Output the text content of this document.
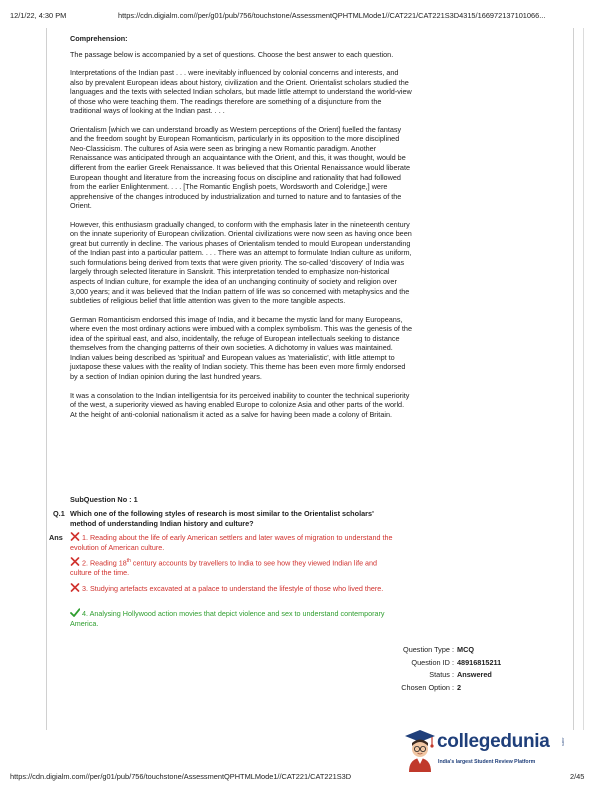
12/1/22, 4:30 PM	https://cdn.digialm.com//per/g01/pub/756/touchstone/AssessmentQPHTMLMode1//CAT221/CAT221S3D4315/166972137101066...

Comprehension:

The passage below is accompanied by a set of questions. Choose the best answer to each question.

Interpretations of the Indian past . . . were inevitably influenced by colonial concerns and interests, and also by prevalent European ideas about history, civilization and the Orient. Orientalist scholars studied the languages and the texts with selected Indian scholars, but made little attempt to understand the world-view of those who were teaching them. The readings therefore are something of a disjuncture from the traditional ways of looking at the Indian past. . . .

Orientalism [which we can understand broadly as Western perceptions of the Orient] fuelled the fantasy and the freedom sought by European Romanticism, particularly in its opposition to the more disciplined Neo-Classicism. The cultures of Asia were seen as bringing a new Romantic paradigm. Another Renaissance was anticipated through an acquaintance with the Orient, and this, it was thought, would be different from the earlier Greek Renaissance. It was believed that this Oriental Renaissance would liberate European thought and literature from the increasing focus on discipline and rationality that had followed from the earlier Enlightenment. . . . [The Romantic English poets, Wordsworth and Coleridge,] were apprehensive of the changes introduced by industrialization and turned to nature and to fantasies of the Orient.

However, this enthusiasm gradually changed, to conform with the emphasis later in the nineteenth century on the innate superiority of European civilization. Oriental civilizations were now seen as having once been great but currently in decline. The various phases of Orientalism tended to mould European understanding of the Indian past into a particular pattern. . . . There was an attempt to formulate Indian culture as uniform, such formulations being derived from texts that were given priority. The so-called 'discovery' of India was largely through selected literature in Sanskrit. This interpretation tended to emphasize non-historical aspects of Indian culture, for example the idea of an unchanging continuity of society and religion over 3,000 years; and it was believed that the Indian pattern of life was so concerned with metaphysics and the subtleties of religious belief that little attention was given to the more tangible aspects.

German Romanticism endorsed this image of India, and it became the mystic land for many Europeans, where even the most ordinary actions were imbued with a complex symbolism. This was the genesis of the idea of the spiritual east, and also, incidentally, the refuge of European intellectuals seeking to distance themselves from the changing patterns of their own societies. A dichotomy in values was maintained. Indian values being described as 'spiritual' and European values as 'materialistic', with little attempt to juxtapose these values with the reality of Indian society. This theme has been even more firmly endorsed by a section of Indian opinion during the last hundred years.

It was a consolation to the Indian intelligentsia for its perceived inability to counter the technical superiority of the west, a superiority viewed as having enabled Europe to colonize Asia and other parts of the world. At the height of anti-colonial nationalism it acted as a salve for having been made a colony of Britain.

SubQuestion No : 1
Q.1 Which one of the following styles of research is most similar to the Orientalist scholars' method of understanding Indian history and culture?
Ans	1. Reading about the life of early American settlers and later waves of migration to understand the evolution of American culture.
2. Reading 18th century accounts by travellers to India to see how they viewed Indian life and culture of the time.
3. Studying artefacts excavated at a palace to understand the lifestyle of those who lived there.
4. Analysing Hollywood action movies that depict violence and sex to understand contemporary America.
Question Type : MCQ
Question ID : 48916815211
Status : Answered
Chosen Option : 2
collegedunia	.com
India's largest Student Review Platform
https://cdn.digialm.com//per/g01/pub/756/touchstone/AssessmentQPHTMLMode1//CAT221/CAT221S3D	2/45
